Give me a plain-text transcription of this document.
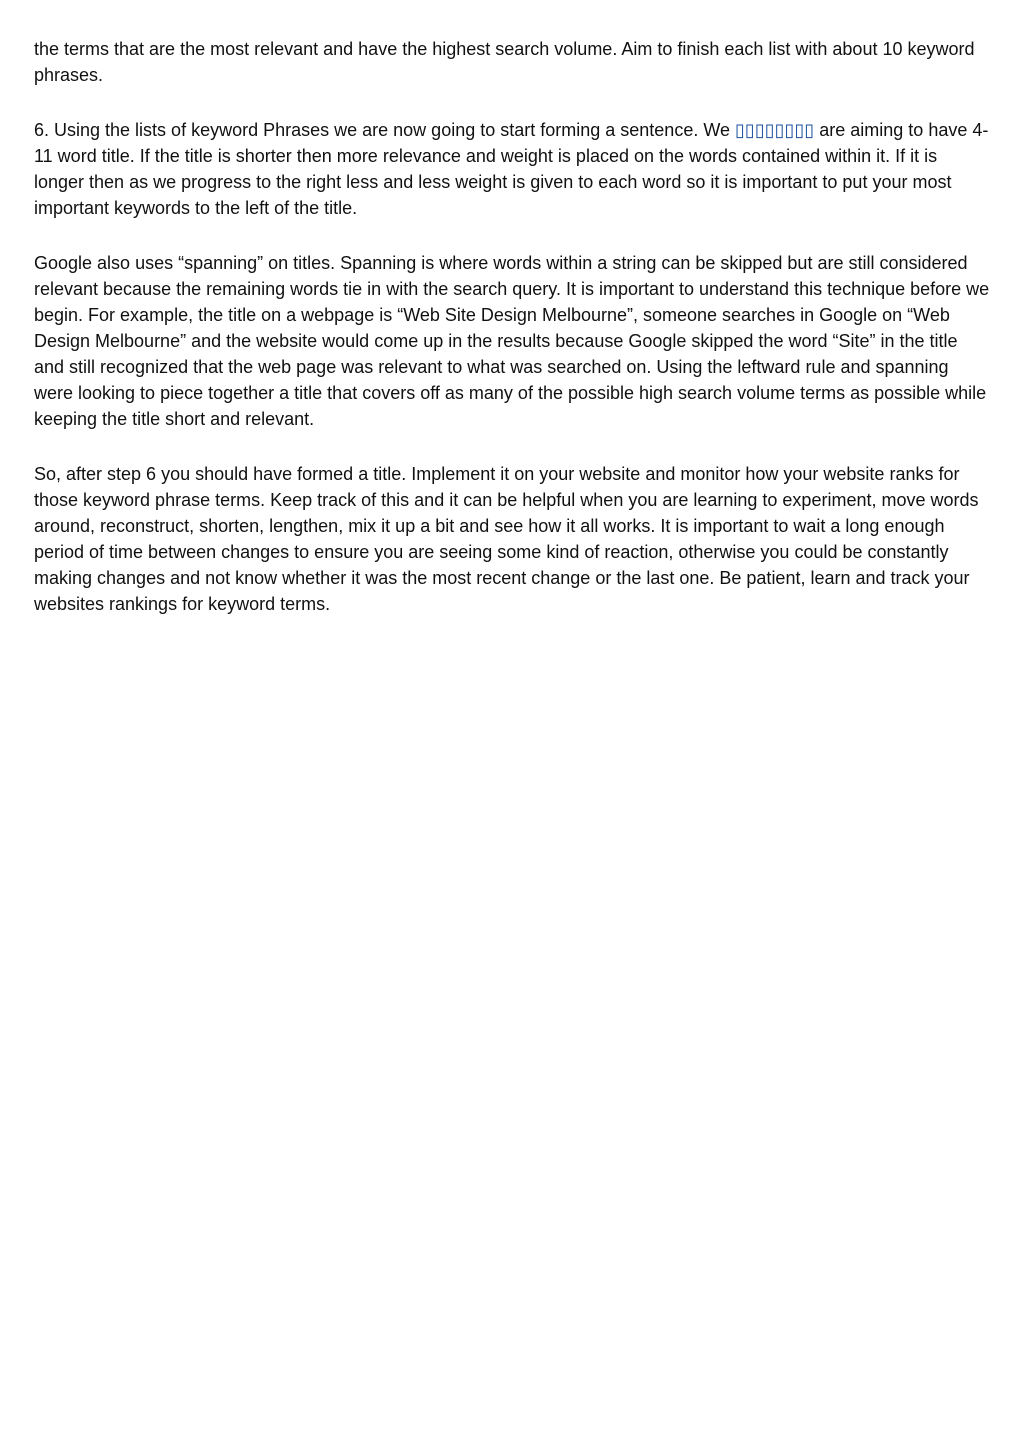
the terms that are the most relevant and have the highest search volume. Aim to finish each list with about 10 keyword phrases.

6. Using the lists of keyword Phrases we are now going to start forming a sentence. We ▯▯▯▯▯▯▯▯ are aiming to have 4-11 word title. If the title is shorter then more relevance and weight is placed on the words contained within it. If it is longer then as we progress to the right less and less weight is given to each word so it is important to put your most important keywords to the left of the title.

Google also uses “spanning” on titles. Spanning is where words within a string can be skipped but are still considered relevant because the remaining words tie in with the search query. It is important to understand this technique before we begin. For example, the title on a webpage is “Web Site Design Melbourne”, someone searches in Google on “Web Design Melbourne” and the website would come up in the results because Google skipped the word “Site” in the title and still recognized that the web page was relevant to what was searched on. Using the leftward rule and spanning were looking to piece together a title that covers off as many of the possible high search volume terms as possible while keeping the title short and relevant.

So, after step 6 you should have formed a title. Implement it on your website and monitor how your website ranks for those keyword phrase terms. Keep track of this and it can be helpful when you are learning to experiment, move words around, reconstruct, shorten, lengthen, mix it up a bit and see how it all works. It is important to wait a long enough period of time between changes to ensure you are seeing some kind of reaction, otherwise you could be constantly making changes and not know whether it was the most recent change or the last one. Be patient, learn and track your websites rankings for keyword terms.
